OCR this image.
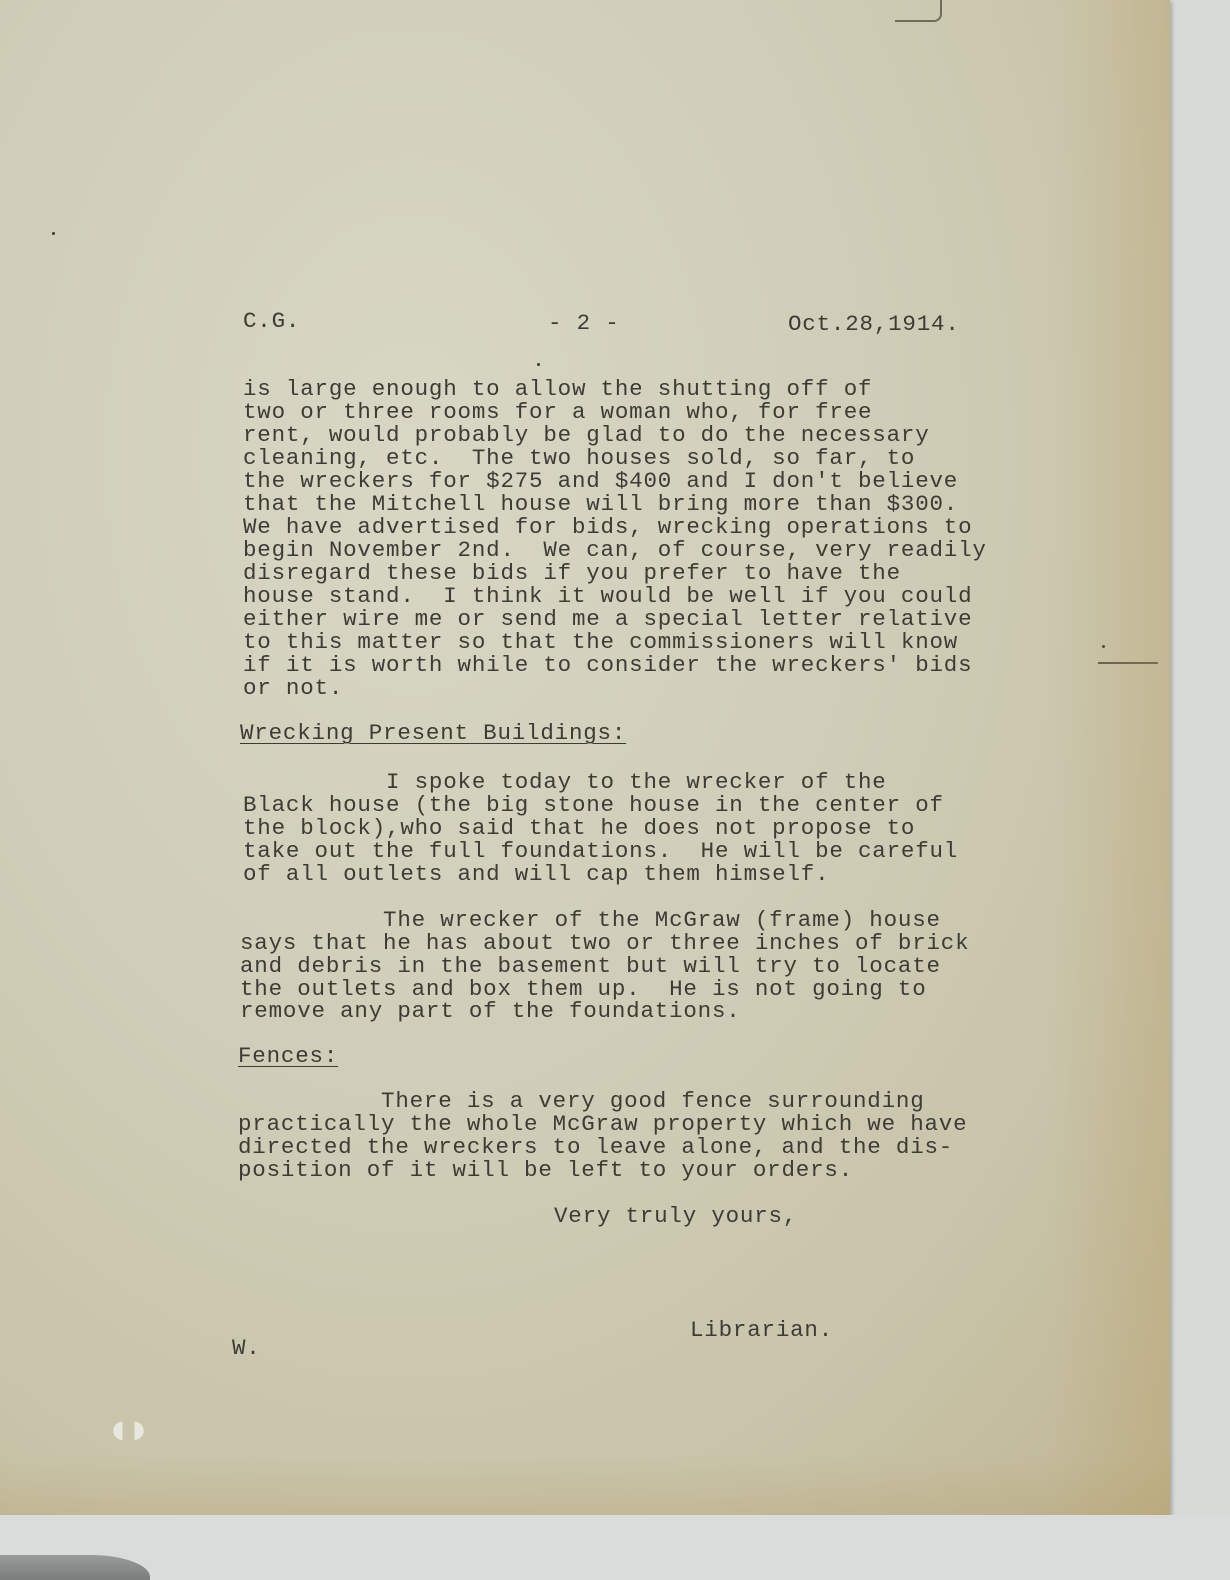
C.G.	- 2 -	Oct.28,1914.
is large enough to allow the shutting off of
two or three rooms for a woman who, for free
rent, would probably be glad to do the necessary
cleaning, etc.  The two houses sold, so far, to
the wreckers for $275 and $400 and I don't believe
that the Mitchell house will bring more than $300.
We have advertised for bids, wrecking operations to
begin November 2nd.  We can, of course, very readily
disregard these bids if you prefer to have the
house stand.  I think it would be well if you could
either wire me or send me a special letter relative
to this matter so that the commissioners will know
if it is worth while to consider the wreckers' bids
or not.
Wrecking Present Buildings:
I spoke today to the wrecker of the
Black house (the big stone house in the center of
the block),who said that he does not propose to
take out the full foundations.  He will be careful
of all outlets and will cap them himself.
The wrecker of the McGraw (frame) house
says that he has about two or three inches of brick
and debris in the basement but will try to locate
the outlets and box them up.  He is not going to
remove any part of the foundations.
Fences:
There is a very good fence surrounding
practically the whole McGraw property which we have
directed the wreckers to leave alone, and the dis-
position of it will be left to your orders.
Very truly yours,
Librarian.
W.
◖ ◗
